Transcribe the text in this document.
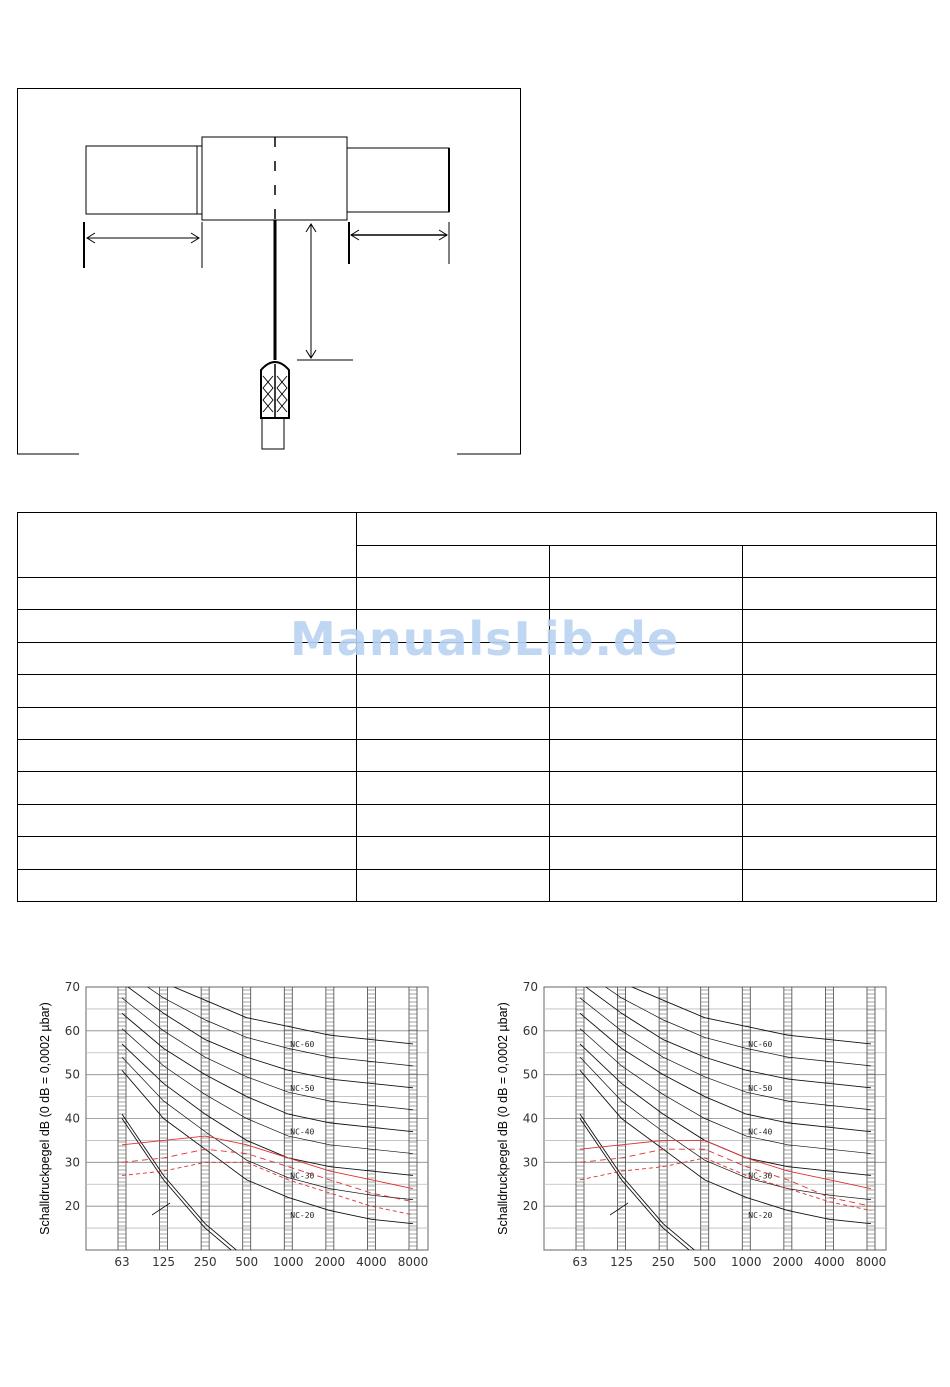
ManualsLib.de
NC-60
NC-50
NC-40
NC-30
NC-20
70
60
50
40
30
20
63 125 250 500 1000 2000 4000 8000
Schalldruckpegel dB (0 dB = 0,0002 µbar)	NC-60
NC-50
NC-40
NC-30
NC-20
70
60
50
40
30
20
63 125 250 500 1000 2000 4000 8000
Schalldruckpegel dB (0 dB = 0,0002 µbar)
